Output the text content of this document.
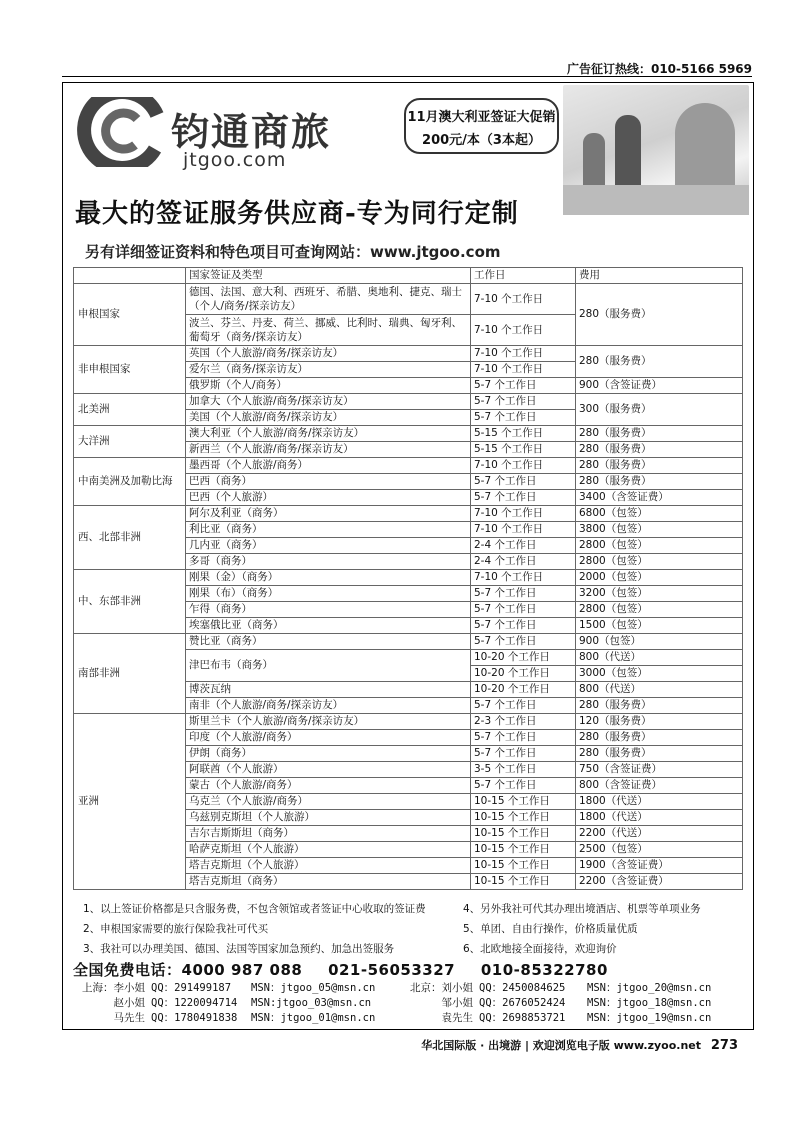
广告征订热线：010-5166 5969
钧通商旅
jtgoo.com
11月澳大利亚签证大促销
200元/本（3本起）
最大的签证服务供应商-专为同行定制
另有详细签证资料和特色项目可查询网站：www.jtgoo.com
	国家签证及类型	工作日	费用
申根国家	德国、法国、意大利、西班牙、希腊、奥地利、捷克、瑞士（个人/商务/探亲访友）	7-10 个工作日	280（服务费）
	波兰、芬兰、丹麦、荷兰、挪威、比利时、瑞典、匈牙利、葡萄牙（商务/探亲访友）	7-10 个工作日	
非申根国家	英国（个人旅游/商务/探亲访友）	7-10 个工作日	280（服务费）
	爱尔兰（商务/探亲访友）	7-10 个工作日	
	俄罗斯（个人/商务）	5-7 个工作日	900（含签证费）
北美洲	加拿大（个人旅游/商务/探亲访友）	5-7 个工作日	300（服务费）
	美国（个人旅游/商务/探亲访友）	5-7 个工作日	
大洋洲	澳大利亚（个人旅游/商务/探亲访友）	5-15 个工作日	280（服务费）
	新西兰（个人旅游/商务/探亲访友）	5-15 个工作日	280（服务费）
中南美洲及加勒比海	墨西哥（个人旅游/商务）	7-10 个工作日	280（服务费）
	巴西（商务）	5-7 个工作日	280（服务费）
	巴西（个人旅游）	5-7 个工作日	3400（含签证费）
西、北部非洲	阿尔及利亚（商务）	7-10 个工作日	6800（包签）
	利比亚（商务）	7-10 个工作日	3800（包签）
	几内亚（商务）	2-4 个工作日	2800（包签）
	多哥（商务）	2-4 个工作日	2800（包签）
中、东部非洲	刚果（金）（商务）	7-10 个工作日	2000（包签）
	刚果（布）（商务）	5-7 个工作日	3200（包签）
	乍得（商务）	5-7 个工作日	2800（包签）
	埃塞俄比亚（商务）	5-7 个工作日	1500（包签）
南部非洲	赞比亚（商务）	5-7 个工作日	900（包签）
	津巴布韦（商务）	10-20 个工作日	800（代送）
		10-20 个工作日	3000（包签）
	博茨瓦纳	10-20 个工作日	800（代送）
	南非（个人旅游/商务/探亲访友）	5-7 个工作日	280（服务费）
亚洲	斯里兰卡（个人旅游/商务/探亲访友）	2-3 个工作日	120（服务费）
	印度（个人旅游/商务）	5-7 个工作日	280（服务费）
	伊朗（商务）	5-7 个工作日	280（服务费）
	阿联酋（个人旅游）	3-5 个工作日	750（含签证费）
	蒙古（个人旅游/商务）	5-7 个工作日	800（含签证费）
	乌克兰（个人旅游/商务）	10-15 个工作日	1800（代送）
	乌兹别克斯坦（个人旅游）	10-15 个工作日	1800（代送）
	吉尔吉斯斯坦（商务）	10-15 个工作日	2200（代送）
	哈萨克斯坦（个人旅游）	10-15 个工作日	2500（包签）
	塔吉克斯坦（个人旅游）	10-15 个工作日	1900（含签证费）
	塔吉克斯坦（商务）	10-15 个工作日	2200（含签证费）
1、以上签证价格都是只含服务费，不包含领馆或者签证中心收取的签证费	4、另外我社可代其办理出境酒店、机票等单项业务
2、申根国家需要的旅行保险我社可代买	5、单团、自由行操作，价格质量优质
3、我社可以办理美国、德国、法国等国家加急预约、加急出签服务	6、北欧地接全面接待，欢迎询价
全国免费电话：4000 987 088 021-56053327 010-85322780
上海：李小姐 QQ：291499187	MSN：jtgoo_05@msn.cn	北京：刘小姐 QQ：2450084625	MSN：jtgoo_20@msn.cn
赵小姐 QQ：1220094714	MSN:jtgoo_03@msn.cn	邹小姐 QQ：2676052424	MSN：jtgoo_18@msn.cn
马先生 QQ：1780491838	MSN：jtgoo_01@msn.cn	袁先生 QQ：2698853721	MSN：jtgoo_19@msn.cn
华北国际版 · 出境游 | 欢迎浏览电子版 www.zyoo.net 273
